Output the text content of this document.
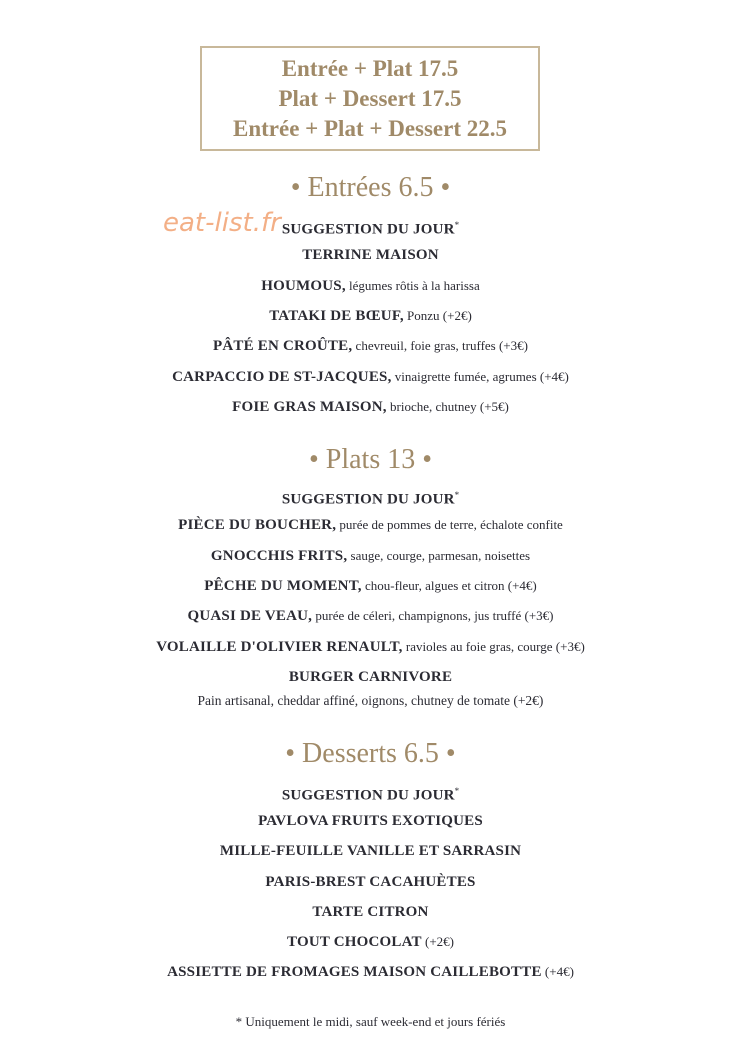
Entrée + Plat 17.5
Plat + Dessert 17.5
Entrée + Plat + Dessert 22.5
• Entrées 6.5 •
SUGGESTION DU JOUR*
TERRINE MAISON
HOUMOUS, légumes rôtis à la harissa
TATAKI DE BŒUF, Ponzu (+2€)
PÂTÉ EN CROÛTE, chevreuil, foie gras, truffes (+3€)
CARPACCIO DE ST-JACQUES, vinaigrette fumée, agrumes (+4€)
FOIE GRAS MAISON, brioche, chutney (+5€)
• Plats 13 •
SUGGESTION DU JOUR*
PIÈCE DU BOUCHER, purée de pommes de terre, échalote confite
GNOCCHIS FRITS, sauge, courge, parmesan, noisettes
PÊCHE DU MOMENT, chou-fleur, algues et citron (+4€)
QUASI DE VEAU, purée de céleri, champignons, jus truffé (+3€)
VOLAILLE D'OLIVIER RENAULT, ravioles au foie gras, courge (+3€)
BURGER CARNIVORE
Pain artisanal, cheddar affiné, oignons, chutney de tomate (+2€)
• Desserts 6.5 •
SUGGESTION DU JOUR*
PAVLOVA FRUITS EXOTIQUES
MILLE-FEUILLE VANILLE ET SARRASIN
PARIS-BREST CACAHUÈTES
TARTE CITRON
TOUT CHOCOLAT (+2€)
ASSIETTE DE FROMAGES MAISON CAILLEBOTTE (+4€)
* Uniquement le midi, sauf week-end et jours fériés
eat-list.fr
